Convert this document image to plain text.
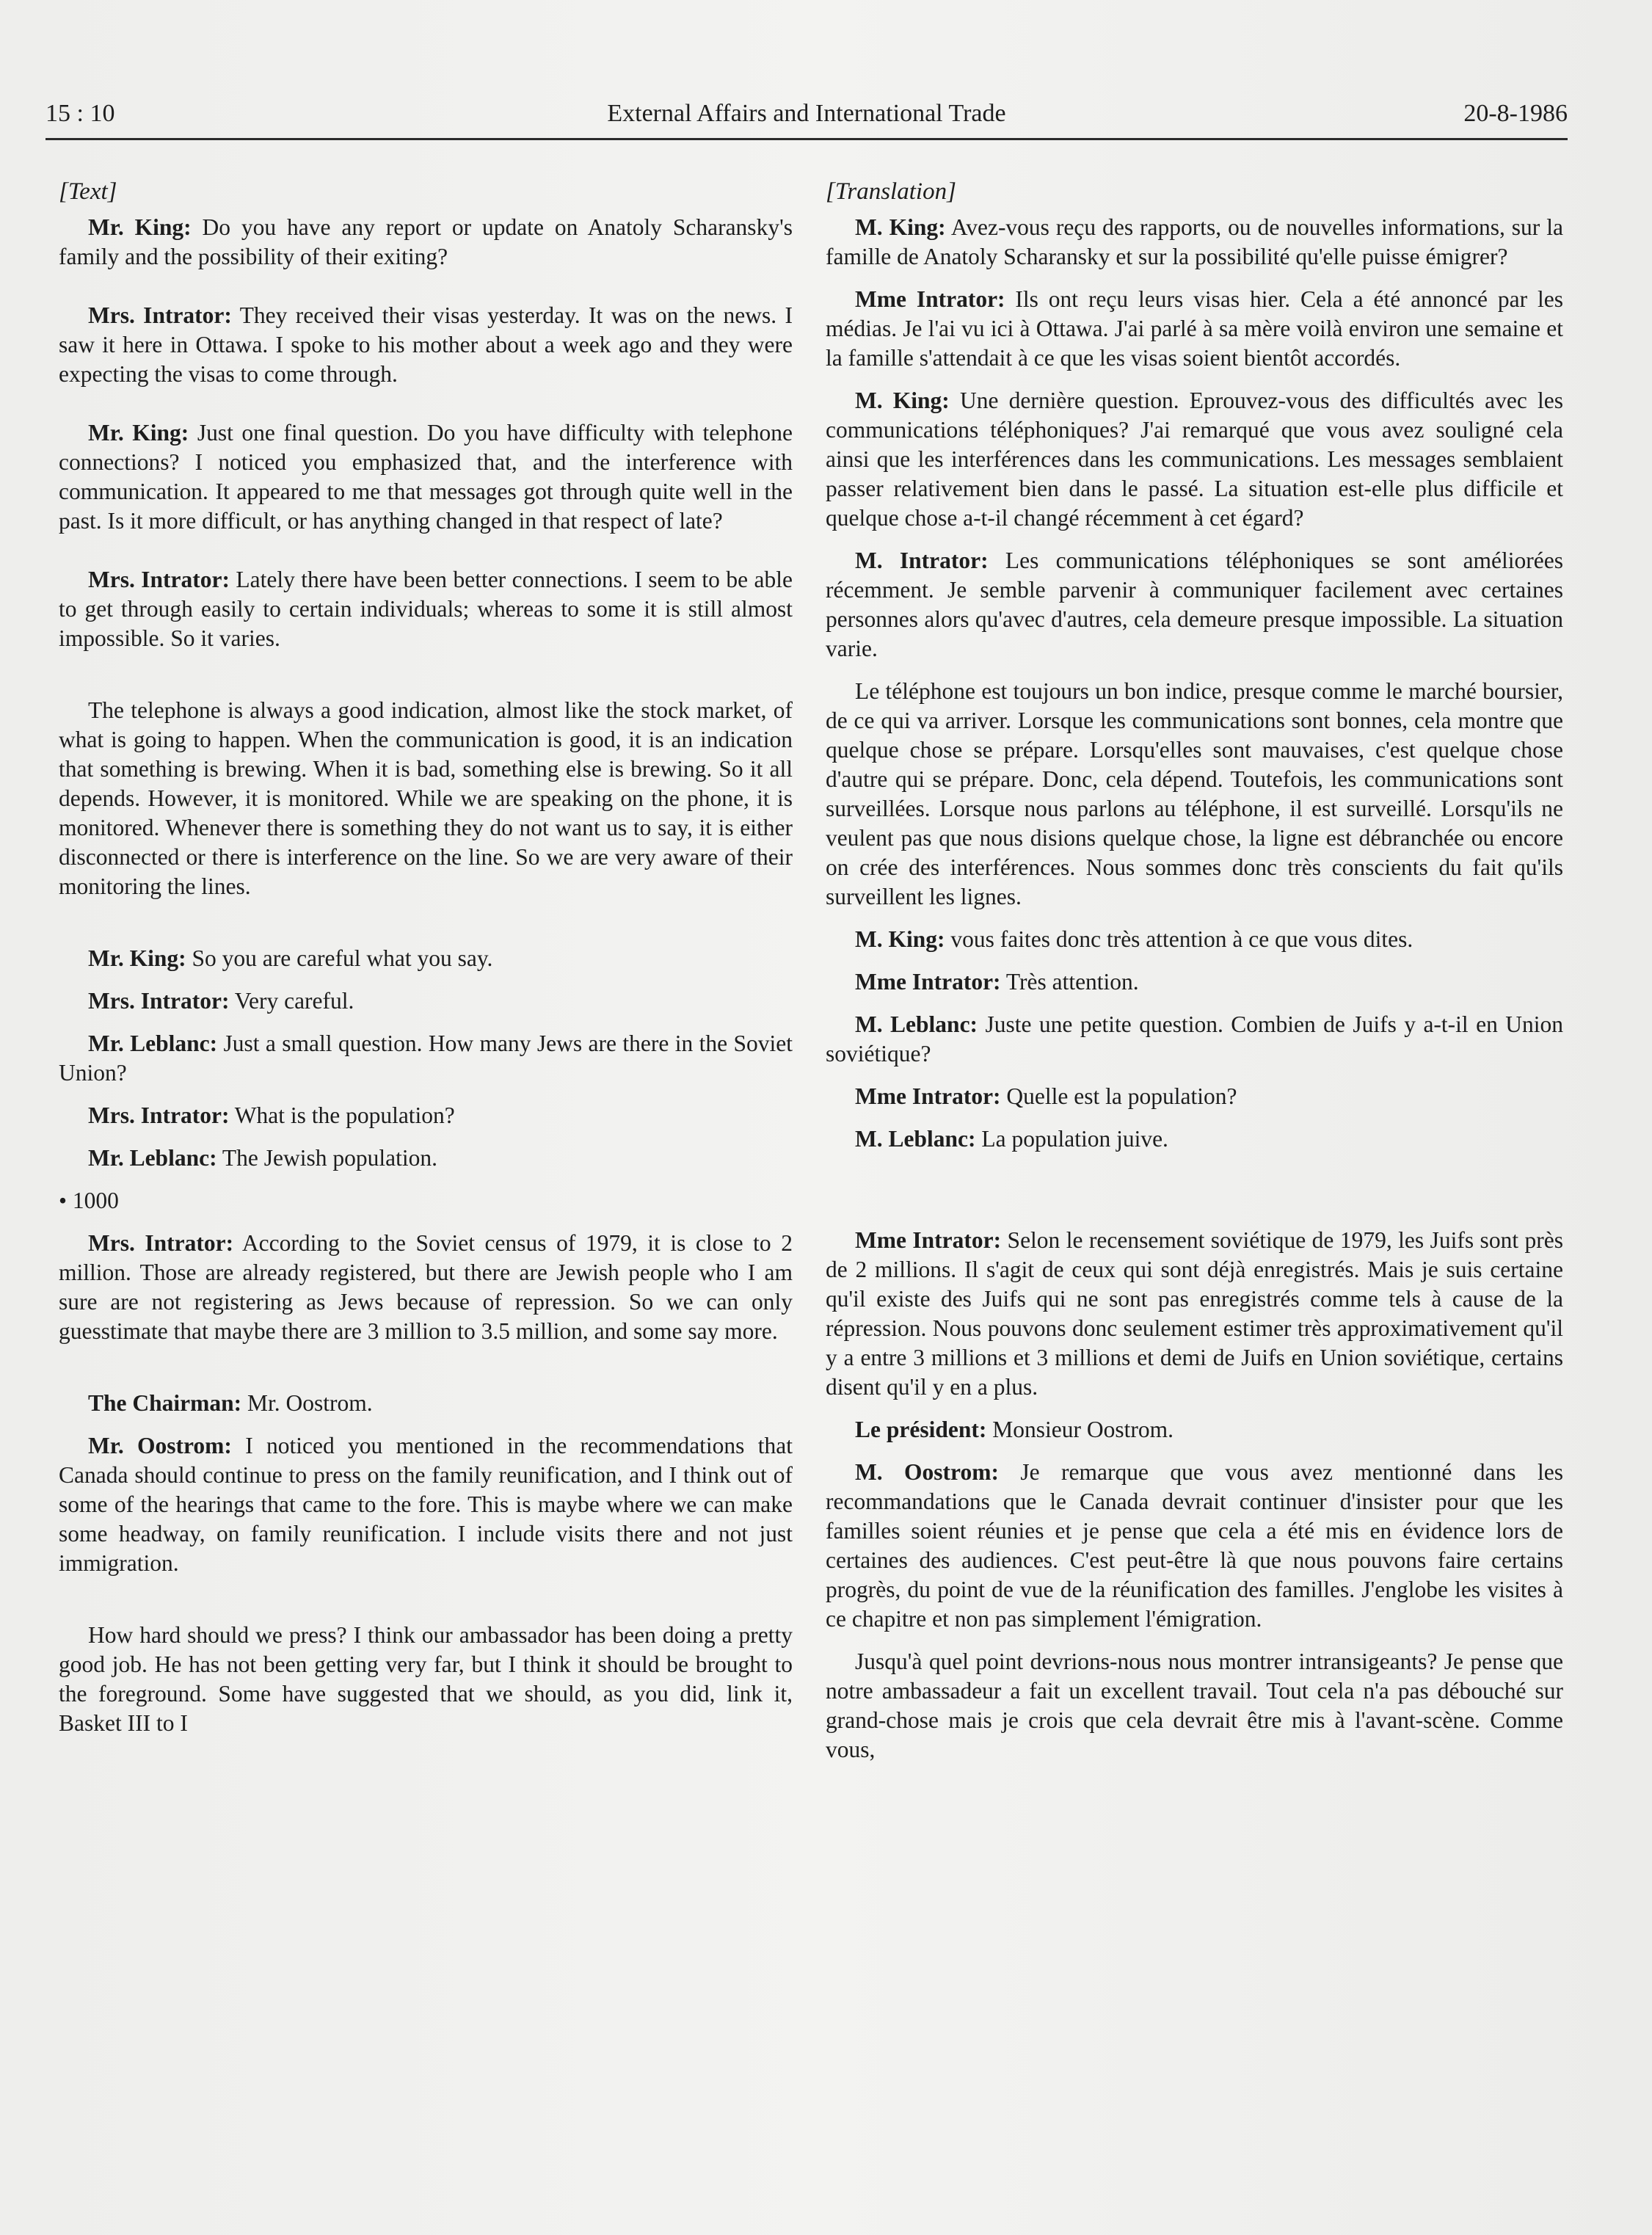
15 : 10	External Affairs and International Trade	20-8-1986

[Text]

Mr. King: Do you have any report or update on Anatoly Scharansky's family and the possibility of their exiting?

Mrs. Intrator: They received their visas yesterday. It was on the news. I saw it here in Ottawa. I spoke to his mother about a week ago and they were expecting the visas to come through.

Mr. King: Just one final question. Do you have difficulty with telephone connections? I noticed you emphasized that, and the interference with communication. It appeared to me that messages got through quite well in the past. Is it more difficult, or has anything changed in that respect of late?

Mrs. Intrator: Lately there have been better connections. I seem to be able to get through easily to certain individuals; whereas to some it is still almost impossible. So it varies.

The telephone is always a good indication, almost like the stock market, of what is going to happen. When the communication is good, it is an indication that something is brewing. When it is bad, something else is brewing. So it all depends. However, it is monitored. While we are speaking on the phone, it is monitored. Whenever there is something they do not want us to say, it is either disconnected or there is interference on the line. So we are very aware of their monitoring the lines.

Mr. King: So you are careful what you say.

Mrs. Intrator: Very careful.

Mr. Leblanc: Just a small question. How many Jews are there in the Soviet Union?

Mrs. Intrator: What is the population?

Mr. Leblanc: The Jewish population.

• 1000

Mrs. Intrator: According to the Soviet census of 1979, it is close to 2 million. Those are already registered, but there are Jewish people who I am sure are not registering as Jews because of repression. So we can only guesstimate that maybe there are 3 million to 3.5 million, and some say more.

The Chairman: Mr. Oostrom.

Mr. Oostrom: I noticed you mentioned in the recommendations that Canada should continue to press on the family reunification, and I think out of some of the hearings that came to the fore. This is maybe where we can make some headway, on family reunification. I include visits there and not just immigration.

How hard should we press? I think our ambassador has been doing a pretty good job. He has not been getting very far, but I think it should be brought to the foreground. Some have suggested that we should, as you did, link it, Basket III to I

[Translation]

M. King: Avez-vous reçu des rapports, ou de nouvelles informations, sur la famille de Anatoly Scharansky et sur la possibilité qu'elle puisse émigrer?

Mme Intrator: Ils ont reçu leurs visas hier. Cela a été annoncé par les médias. Je l'ai vu ici à Ottawa. J'ai parlé à sa mère voilà environ une semaine et la famille s'attendait à ce que les visas soient bientôt accordés.

M. King: Une dernière question. Eprouvez-vous des difficultés avec les communications téléphoniques? J'ai remarqué que vous avez souligné cela ainsi que les interférences dans les communications. Les messages semblaient passer relativement bien dans le passé. La situation est-elle plus difficile et quelque chose a-t-il changé récemment à cet égard?

M. Intrator: Les communications téléphoniques se sont améliorées récemment. Je semble parvenir à communiquer facilement avec certaines personnes alors qu'avec d'autres, cela demeure presque impossible. La situation varie.

Le téléphone est toujours un bon indice, presque comme le marché boursier, de ce qui va arriver. Lorsque les communications sont bonnes, cela montre que quelque chose se prépare. Lorsqu'elles sont mauvaises, c'est quelque chose d'autre qui se prépare. Donc, cela dépend. Toutefois, les communications sont surveillées. Lorsque nous parlons au téléphone, il est surveillé. Lorsqu'ils ne veulent pas que nous disions quelque chose, la ligne est débranchée ou encore on crée des interférences. Nous sommes donc très conscients du fait qu'ils surveillent les lignes.

M. King: vous faites donc très attention à ce que vous dites.

Mme Intrator: Très attention.

M. Leblanc: Juste une petite question. Combien de Juifs y a-t-il en Union soviétique?

Mme Intrator: Quelle est la population?

M. Leblanc: La population juive.

Mme Intrator: Selon le recensement soviétique de 1979, les Juifs sont près de 2 millions. Il s'agit de ceux qui sont déjà enregistrés. Mais je suis certaine qu'il existe des Juifs qui ne sont pas enregistrés comme tels à cause de la répression. Nous pouvons donc seulement estimer très approximativement qu'il y a entre 3 millions et 3 millions et demi de Juifs en Union soviétique, certains disent qu'il y en a plus.

Le président: Monsieur Oostrom.

M. Oostrom: Je remarque que vous avez mentionné dans les recommandations que le Canada devrait continuer d'insister pour que les familles soient réunies et je pense que cela a été mis en évidence lors de certaines des audiences. C'est peut-être là que nous pouvons faire certains progrès, du point de vue de la réunification des familles. J'englobe les visites à ce chapitre et non pas simplement l'émigration.

Jusqu'à quel point devrions-nous nous montrer intransigeants? Je pense que notre ambassadeur a fait un excellent travail. Tout cela n'a pas débouché sur grand-chose mais je crois que cela devrait être mis à l'avant-scène. Comme vous,
